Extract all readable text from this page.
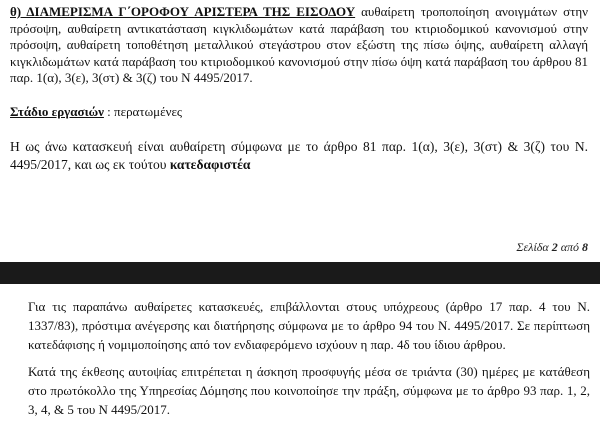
θ) ΔΙΑΜΕΡΙΣΜΑ Γ΄ΟΡΟΦΟΥ ΑΡΙΣΤΕΡΑ ΤΗΣ ΕΙΣΟΔΟΥ αυθαίρετη τροποποίηση ανοιγμάτων στην πρόσοψη, αυθαίρετη αντικατάσταση κιγκλιδωμάτων κατά παράβαση του κτιριοδομικού κανονισμού στην πρόσοψη, αυθαίρετη τοποθέτηση μεταλλικού στεγάστρου στον εξώστη της πίσω όψης, αυθαίρετη αλλαγή κιγκλιδωμάτων κατά παράβαση του κτιριοδομικού κανονισμού στην πίσω όψη κατά παράβαση του άρθρου 81 παρ. 1(α), 3(ε), 3(στ) & 3(ζ) του Ν 4495/2017.

Στάδιο εργασιών : περατωμένες

Η ως άνω κατασκευή είναι αυθαίρετη σύμφωνα με το άρθρο 81 παρ. 1(α), 3(ε), 3(στ) & 3(ζ) του Ν. 4495/2017, και ως εκ τούτου κατεδαφιστέα

Σελίδα 2 από 8

Για τις παραπάνω αυθαίρετες κατασκευές, επιβάλλονται στους υπόχρεους (άρθρο 17 παρ. 4 του Ν. 1337/83), πρόστιμα ανέγερσης και διατήρησης σύμφωνα με το άρθρο 94 του Ν. 4495/2017. Σε περίπτωση κατεδάφισης ή νομιμοποίησης από τον ενδιαφερόμενο ισχύουν η παρ. 4δ του ίδιου άρθρου.

Κατά της έκθεσης αυτοψίας επιτρέπεται η άσκηση προσφυγής μέσα σε τριάντα (30) ημέρες με κατάθεση στο πρωτόκολλο της Υπηρεσίας Δόμησης που κοινοποίησε την πράξη, σύμφωνα με το άρθρο 93 παρ. 1, 2, 3, 4, & 5 του Ν 4495/2017.
